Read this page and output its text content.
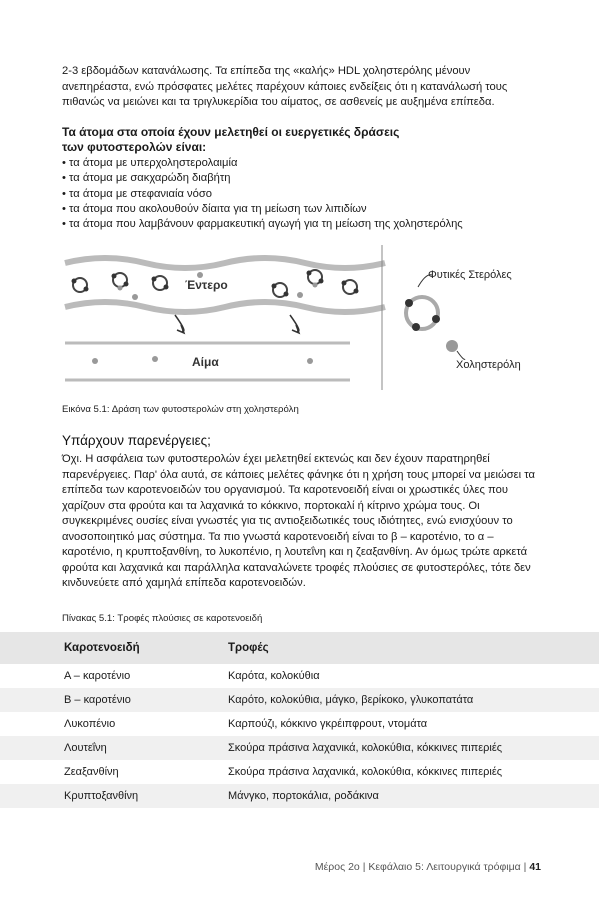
2-3 εβδομάδων κατανάλωσης. Τα επίπεδα της «καλής» HDL χοληστερόλης μένουν ανεπηρέαστα, ενώ πρόσφατες μελέτες παρέχουν κάποιες ενδείξεις ότι η κατανάλωσή τους πιθανώς να μειώνει και τα τριγλυκερίδια του αίματος, σε ασθενείς με αυξημένα επίπεδα.

Τα άτομα στα οποία έχουν μελετηθεί οι ευεργετικές δράσεις των φυτοστερολών είναι:

• τα άτομα με υπερχοληστερολαιμία
• τα άτομα με σακχαρώδη διαβήτη
• τα άτομα με στεφανιαία νόσο
• τα άτομα που ακολουθούν δίαιτα για τη μείωση των λιπιδίων
• τα άτομα που λαμβάνουν φαρμακευτική αγωγή για τη μείωση της χοληστερόλης
Έντερο
Αίμα
Φυτικές Στερόλες
Χοληστερόλη
Εικόνα 5.1: Δράση των φυτοστερολών στη χοληστερόλη
Υπάρχουν παρενέργειες;

Όχι. Η ασφάλεια των φυτοστερολών έχει μελετηθεί εκτενώς και δεν έχουν παρατηρηθεί παρενέργειες. Παρ' όλα αυτά, σε κάποιες μελέτες φάνηκε ότι η χρήση τους μπορεί να μειώσει τα επίπεδα των καροτενοειδών του οργανισμού. Τα καροτενοειδή είναι οι χρωστικές ύλες που χαρίζουν στα φρούτα και τα λαχανικά το κόκκινο, πορτοκαλί ή κίτρινο χρώμα τους. Οι συγκεκριμένες ουσίες είναι γνωστές για τις αντιοξειδωτικές τους ιδιότητες, ενώ ενισχύουν το ανοσοποιητικό μας σύστημα. Τα πιο γνωστά καροτενοειδή είναι το β – καροτένιο, το α – καροτένιο, η κρυπτοξανθίνη, το λυκοπένιο, η λουτεΐνη και η ζεαξανθίνη. Αν όμως τρώτε αρκετά φρούτα και λαχανικά και παράλληλα καταναλώνετε τροφές πλούσιες σε φυτοστερόλες, τότε δεν κινδυνεύετε από χαμηλά επίπεδα καροτενοειδών.

Πίνακας 5.1: Τροφές πλούσιες σε καροτενοειδή
Καροτενοειδή	Τροφές
Α – καροτένιο	Καρότα, κολοκύθια
Β – καροτένιο	Καρότο, κολοκύθια, μάγκο, βερίκοκο, γλυκοπατάτα
Λυκοπένιο	Καρπούζι, κόκκινο γκρέιπφρουτ, ντομάτα
Λουτεΐνη	Σκούρα πράσινα λαχανικά, κολοκύθια, κόκκινες πιπεριές
Ζεαξανθίνη	Σκούρα πράσινα λαχανικά, κολοκύθια, κόκκινες πιπεριές
Κρυπτοξανθίνη	Μάνγκο, πορτοκάλια, ροδάκινα
Μέρος 2ο | Κεφάλαιο 5: Λειτουργικά τρόφιμα | 41
